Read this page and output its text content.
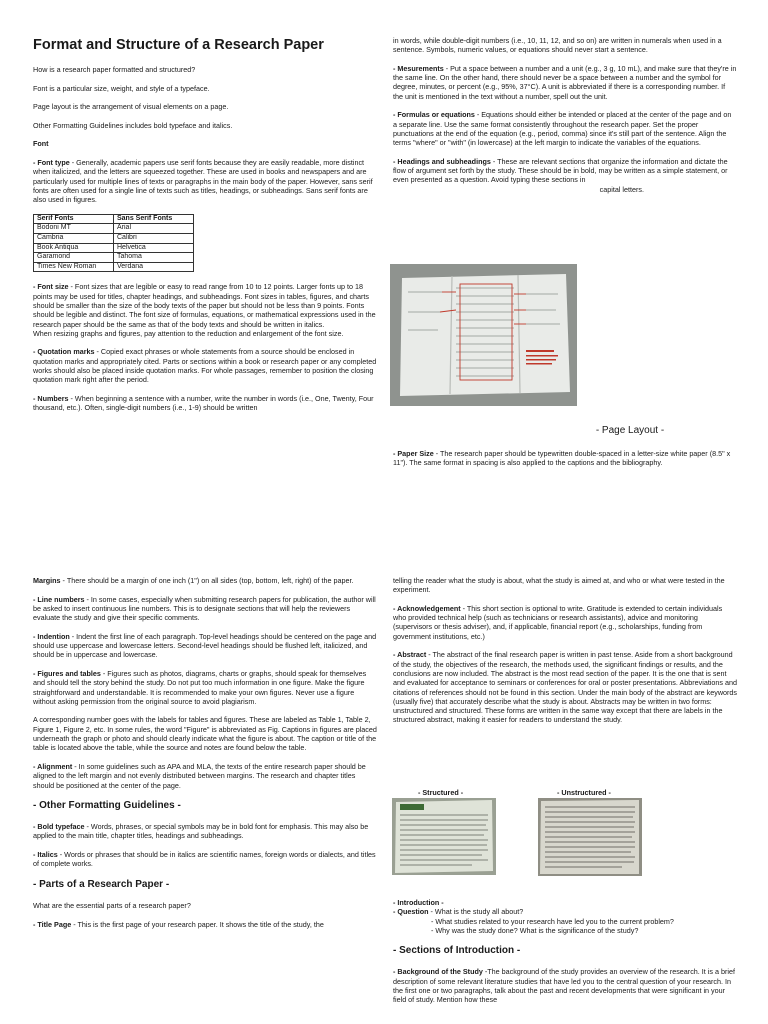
Format and Structure of a Research Paper

How is a research paper formatted and structured?

Font is a particular size, weight, and style of a typeface.

Page layout is the arrangement of visual elements on a page.

Other Formatting Guidelines includes bold typeface and italics.

Font

- Font type - Generally, academic papers use serif fonts because they are easily readable, more distinct when italicized, and the letters are squeezed together. These are used in books and newspapers and are particularly used for multiple lines of texts or paragraphs in the main body of the paper. However, sans serif fonts are often used for a single line of texts such as titles, headings, or subheadings. Sans serif fonts are also used in figures.

Serif Fonts	Sans Serif Fonts
Bodoni MT	Arial
Cambria	Calibri
Book Antiqua	Helvetica
Garamond	Tahoma
Times New Roman	Verdana

- Font size - Font sizes that are legible or easy to read range from 10 to 12 points. Larger fonts up to 18 points may be used for titles, chapter headings, and subheadings. Font sizes in tables, figures, and charts should be smaller than the size of the body texts of the paper but should not be less than 9 points. Fonts should be legible and distinct. The font size of formulas, equations, or mathematical expressions used in the research paper should be the same as that of the body texts and should be written in italics.

When resizing graphs and figures, pay attention to the reduction and enlargement of the font size.

- Quotation marks - Copied exact phrases or whole statements from a source should be enclosed in quotation marks and appropriately cited. Parts or sections within a book or research paper or any completed works should also be placed inside quotation marks. For whole passages, remember to position the closing quotation mark right after the period.

- Numbers - When beginning a sentence with a number, write the number in words (i.e., One, Twenty, Four thousand, etc.). Often, single-digit numbers (i.e., 1-9) should be written

in words, while double-digit numbers (i.e., 10, 11, 12, and so on) are written in numerals when used in a sentence. Symbols, numeric values, or equations should never start a sentence.

- Mesurements - Put a space between a number and a unit (e.g., 3 g, 10 mL), and make sure that they're in the same line. On the other hand, there should never be a space between a number and the symbol for degree, minutes, or percent (e.g., 95%, 37°C). A unit is abbreviated if there is a corresponding number. If the unit is mentioned in the text without a number, spell out the unit.

- Formulas or equations - Equations should either be intended or placed at the center of the page and on a separate line. Use the same format consistently throughout the research paper. Set the proper punctuations at the end of the equation (e.g., period, comma) since it's still part of the sentence. Align the terms "where" or "with" (in lowercase) at the left margin to indicate the variables of the equations.

- Headings and subheadings - These are relevant sections that organize the information and dictate the flow of argument set forth by the study. These should be in bold, may be written as a simple statement, or even presented as a question. Avoid typing these sections in

capital letters.

- Page Layout -

- Paper Size - The research paper should be typewritten double-spaced in a letter-size white paper (8.5" x 11"). The same format in spacing is also applied to the captions and the bibliography.

Margins - There should be a margin of one inch (1") on all sides (top, bottom, left, right) of the paper.

- Line numbers - In some cases, especially when submitting research papers for publication, the author will be asked to insert continuous line numbers. This is to designate sections that will help the reviewers evaluate the study and give their specific comments.

- Indention - Indent the first line of each paragraph. Top-level headings should be centered on the page and should use uppercase and lowercase letters. Second-level headings should be flushed left, italicized, and should be in uppercase and lowercase.

- Figures and tables - Figures such as photos, diagrams, charts or graphs, should speak for themselves and should tell the story behind the study. Do not put too much information in one figure. Make the figure straightforward and understandable. It is recommended to make your own figures. Never use a figure without asking permission from the original source to avoid plagiarism.

A corresponding number goes with the labels for tables and figures. These are labeled as Table 1, Table 2, Figure 1, Figure 2, etc. In some rules, the word "Figure" is abbreviated as Fig. Captions in figures are placed underneath the graph or photo and should clearly indicate what the figure is about. The caption or title of the table is located above the table, while the source and notes are found below the table.

- Alignment - In some guidelines such as APA and MLA, the texts of the entire research paper should be aligned to the left margin and not evenly distributed between margins. The research and chapter titles should be positioned at the center of the page.

- Other Formatting Guidelines -

- Bold typeface - Words, phrases, or special symbols may be in bold font for emphasis. This may also be applied to the main title, chapter titles, headings and subheadings.

- Italics - Words or phrases that should be in italics are scientific names, foreign words or dialects, and titles of complete works.

- Parts of a Research Paper -

What are the essential parts of a research paper?

- Title Page - This is the first page of your research paper. It shows the title of the study, the

telling the reader what the study is about, what the study is aimed at, and who or what were tested in the experiment.

- Acknowledgement - This short section is optional to write. Gratitude is extended to certain individuals who provided technical help (such as technicians or research assistants), advice and monitoring (supervisors or thesis adviser), and, if applicable, financial report (e.g., scholarships, funding from government institutions, etc.)

- Abstract - The abstract of the final research paper is written in past tense. Aside from a short background of the study, the objectives of the research, the methods used, the significant findings or results, and the conclusions are now included. The abstract is the most read section of the paper. It is the one that is sent and evaluated for acceptance to seminars or conferences for oral or poster presentations. Abbreviations and citations of references should not be found in this section. Under the main body of the abstract are keywords (usually five) that accurately describe what the study is about. Abstracts may be written in two forms: unstructured and structured. These forms are written in the same way except that there are labels in the structured abstract, making it easier for readers to understand the study.

- Structured -	- Unstructured -

- Introduction -

- Question - What is the study all about?

- What studies related to your research have led you to the current problem?

- Why was the study done? What is the significance of the study?

- Sections of Introduction -

- Background of the Study -The background of the study provides an overview of the research. It is a brief description of some relevant literature studies that have led you to the central question of your research. In the first one or two paragraphs, talk about the past and recent developments that were significant in your field of study. Mention how these
